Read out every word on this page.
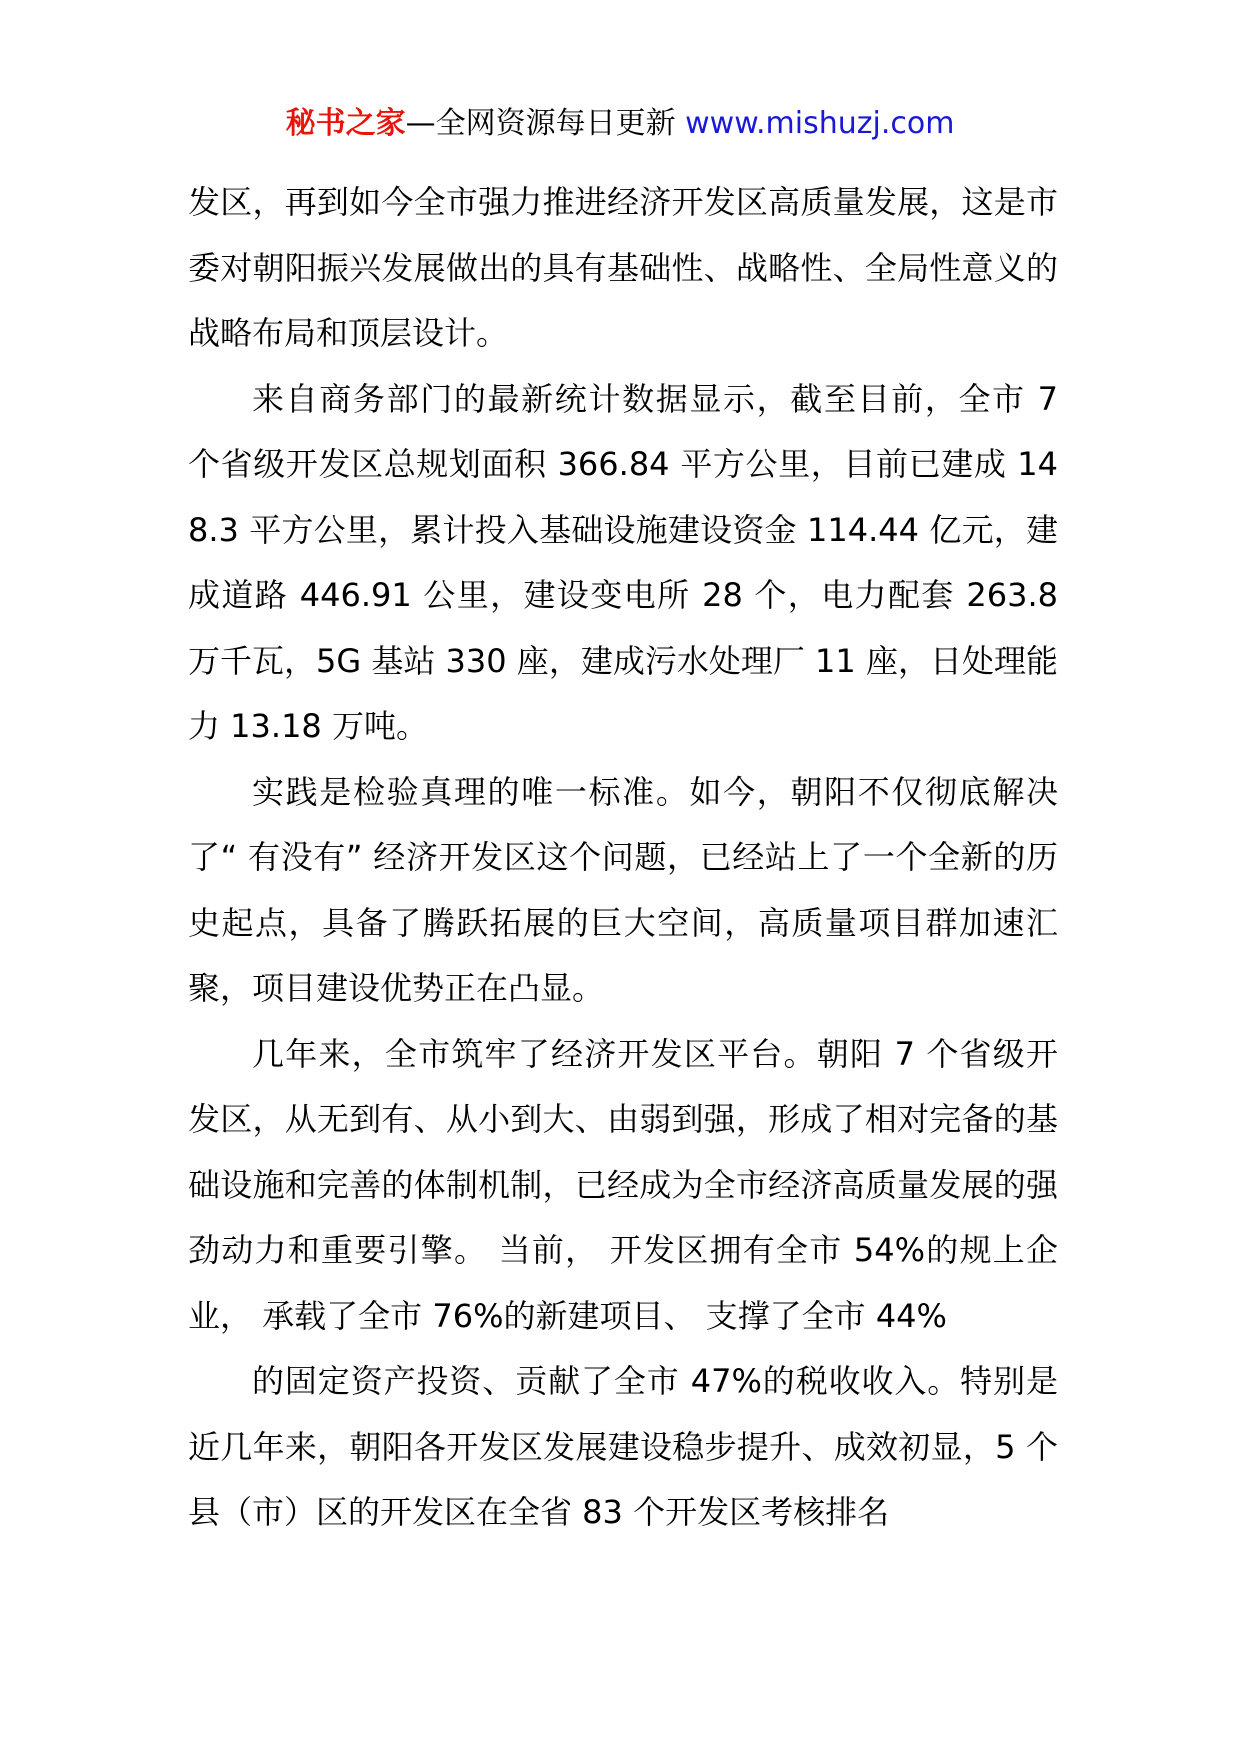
秘书之家—全网资源每日更新 www.mishuzj.com

发区，再到如今全市强力推进经济开发区高质量发展，这是市委对朝阳振兴发展做出的具有基础性、战略性、全局性意义的战略布局和顶层设计。

来自商务部门的最新统计数据显示，截至目前，全市 7 个省级开发区总规划面积 366.84 平方公里，目前已建成 148.3 平方公里，累计投入基础设施建设资金 114.44 亿元，建成道路 446.91 公里，建设变电所 28 个，电力配套 263.8 万千瓦，5G 基站 330 座，建成污水处理厂 11 座，日处理能力 13.18 万吨。

实践是检验真理的唯一标准。如今，朝阳不仅彻底解决了“ 有没有” 经济开发区这个问题，已经站上了一个全新的历史起点，具备了腾跃拓展的巨大空间，高质量项目群加速汇聚，项目建设优势正在凸显。

几年来，全市筑牢了经济开发区平台。朝阳 7 个省级开发区，从无到有、从小到大、由弱到强，形成了相对完备的基础设施和完善的体制机制，已经成为全市经济高质量发展的强劲动力和重要引擎。 当前， 开发区拥有全市 54%的规上企业， 承载了全市 76%的新建项目、 支撑了全市 44%

的固定资产投资、贡献了全市 47%的税收收入。特别是近几年来，朝阳各开发区发展建设稳步提升、成效初显，5 个县（市）区的开发区在全省 83 个开发区考核排名
